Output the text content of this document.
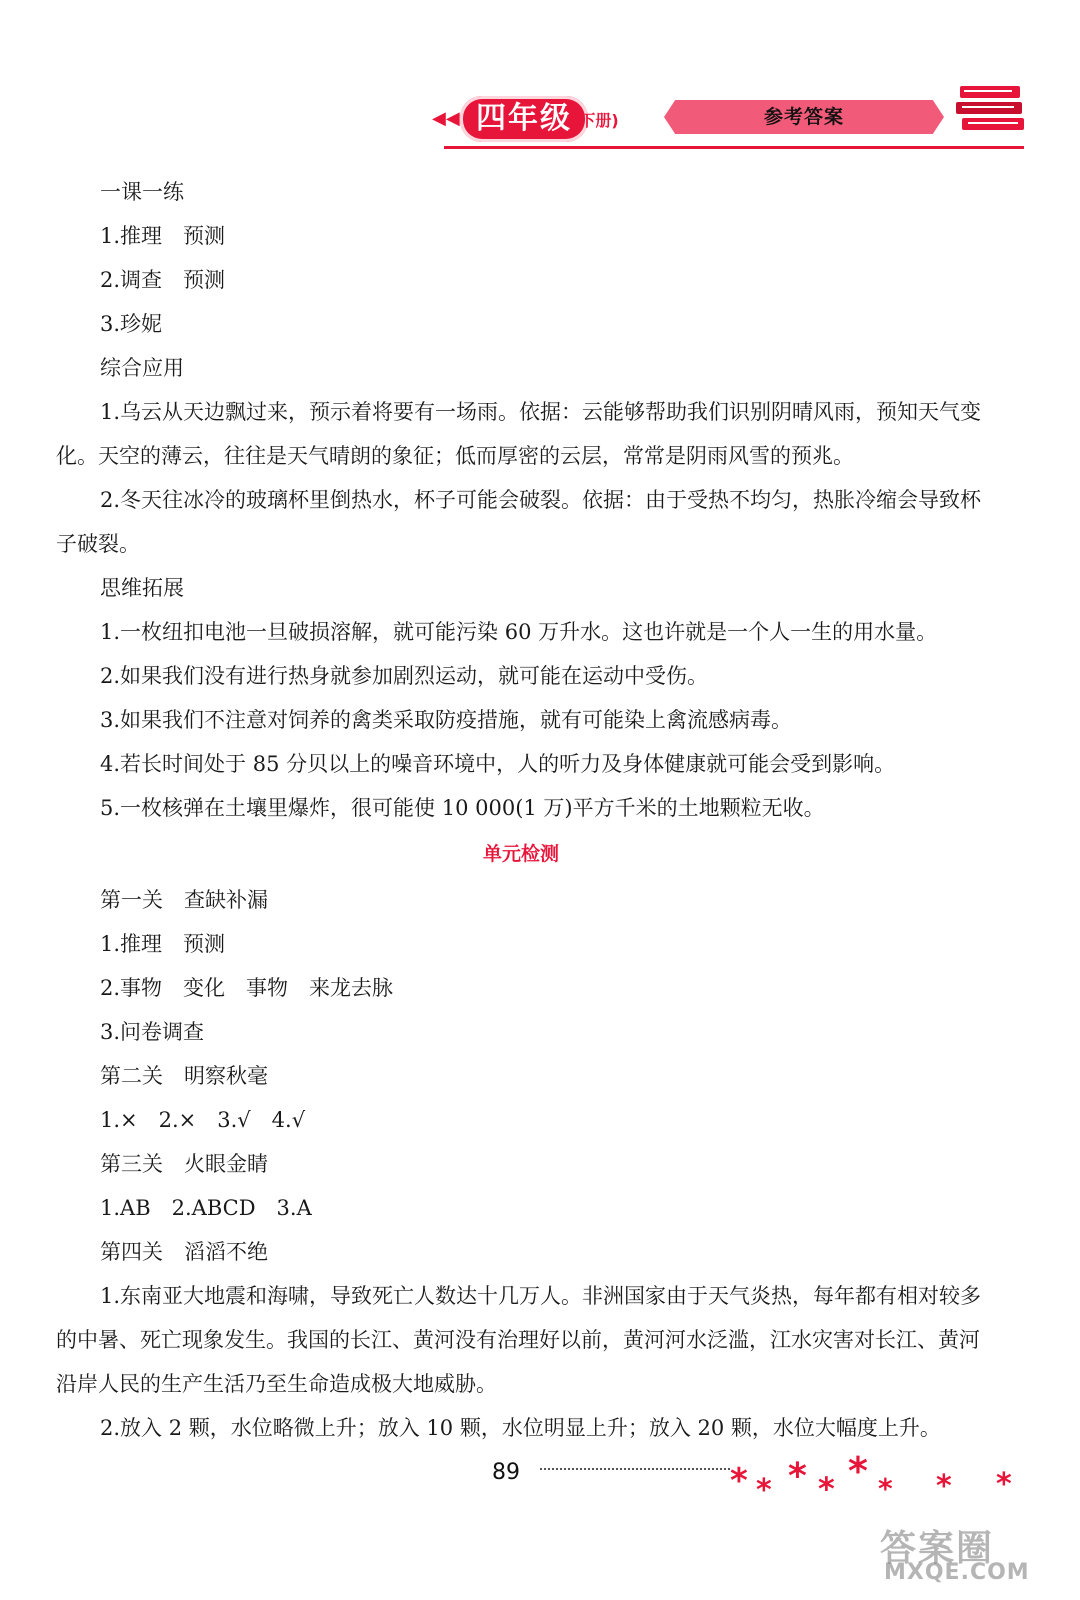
◀◀ 四年级 (下册)	参考答案
一课一练
1.推理　预测
2.调查　预测
3.珍妮
综合应用

1.乌云从天边飘过来，预示着将要有一场雨。依据：云能够帮助我们识别阴晴风雨，预知天气变化。天空的薄云，往往是天气晴朗的象征；低而厚密的云层，常常是阴雨风雪的预兆。

2.冬天往冰冷的玻璃杯里倒热水，杯子可能会破裂。依据：由于受热不均匀，热胀冷缩会导致杯子破裂。

思维拓展
1.一枚纽扣电池一旦破损溶解，就可能污染 60 万升水。这也许就是一个人一生的用水量。
2.如果我们没有进行热身就参加剧烈运动，就可能在运动中受伤。
3.如果我们不注意对饲养的禽类采取防疫措施，就有可能染上禽流感病毒。
4.若长时间处于 85 分贝以上的噪音环境中，人的听力及身体健康就可能会受到影响。
5.一枚核弹在土壤里爆炸，很可能使 10 000(1 万)平方千米的土地颗粒无收。
单元检测
第一关　查缺补漏
1.推理　预测
2.事物　变化　事物　来龙去脉
3.问卷调查
第二关　明察秋毫
1.×　2.×　3.√　4.√
第三关　火眼金睛
1.AB　2.ABCD　3.A
第四关　滔滔不绝

1.东南亚大地震和海啸，导致死亡人数达十几万人。非洲国家由于天气炎热，每年都有相对较多的中暑、死亡现象发生。我国的长江、黄河没有治理好以前，黄河河水泛滥，江水灾害对长江、黄河沿岸人民的生产生活乃至生命造成极大地威胁。

2.放入 2 颗，水位略微上升；放入 10 颗，水位明显上升；放入 20 颗，水位大幅度上升。
89	* * * * * * * *
答案圈
MXQE.COM
